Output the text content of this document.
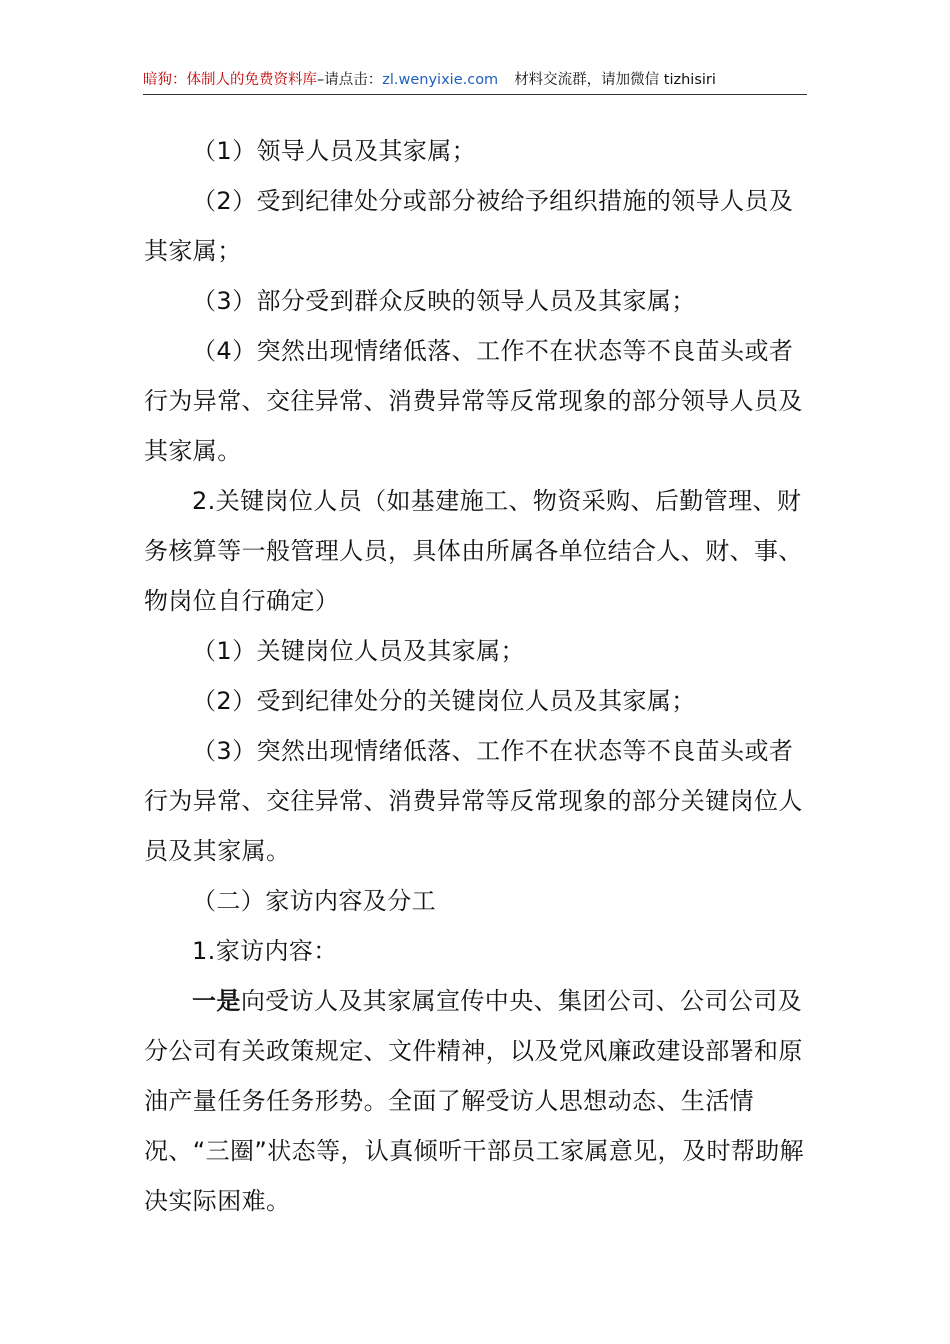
暗狗：体制人的免费资料库–请点击：zl.wenyixie.com 材料交流群，请加微信 tizhisiri

（1）领导人员及其家属；

（2）受到纪律处分或部分被给予组织措施的领导人员及其家属；

（3）部分受到群众反映的领导人员及其家属；

（4）突然出现情绪低落、工作不在状态等不良苗头或者行为异常、交往异常、消费异常等反常现象的部分领导人员及其家属。

2.关键岗位人员（如基建施工、物资采购、后勤管理、财务核算等一般管理人员，具体由所属各单位结合人、财、事、物岗位自行确定）

（1）关键岗位人员及其家属；

（2）受到纪律处分的关键岗位人员及其家属；

（3）突然出现情绪低落、工作不在状态等不良苗头或者行为异常、交往异常、消费异常等反常现象的部分关键岗位人员及其家属。

（二）家访内容及分工

1.家访内容：

一是向受访人及其家属宣传中央、集团公司、公司公司及分公司有关政策规定、文件精神，以及党风廉政建设部署和原油产量任务任务形势。全面了解受访人思想动态、生活情况、“三圈”状态等，认真倾听干部员工家属意见，及时帮助解决实际困难。
